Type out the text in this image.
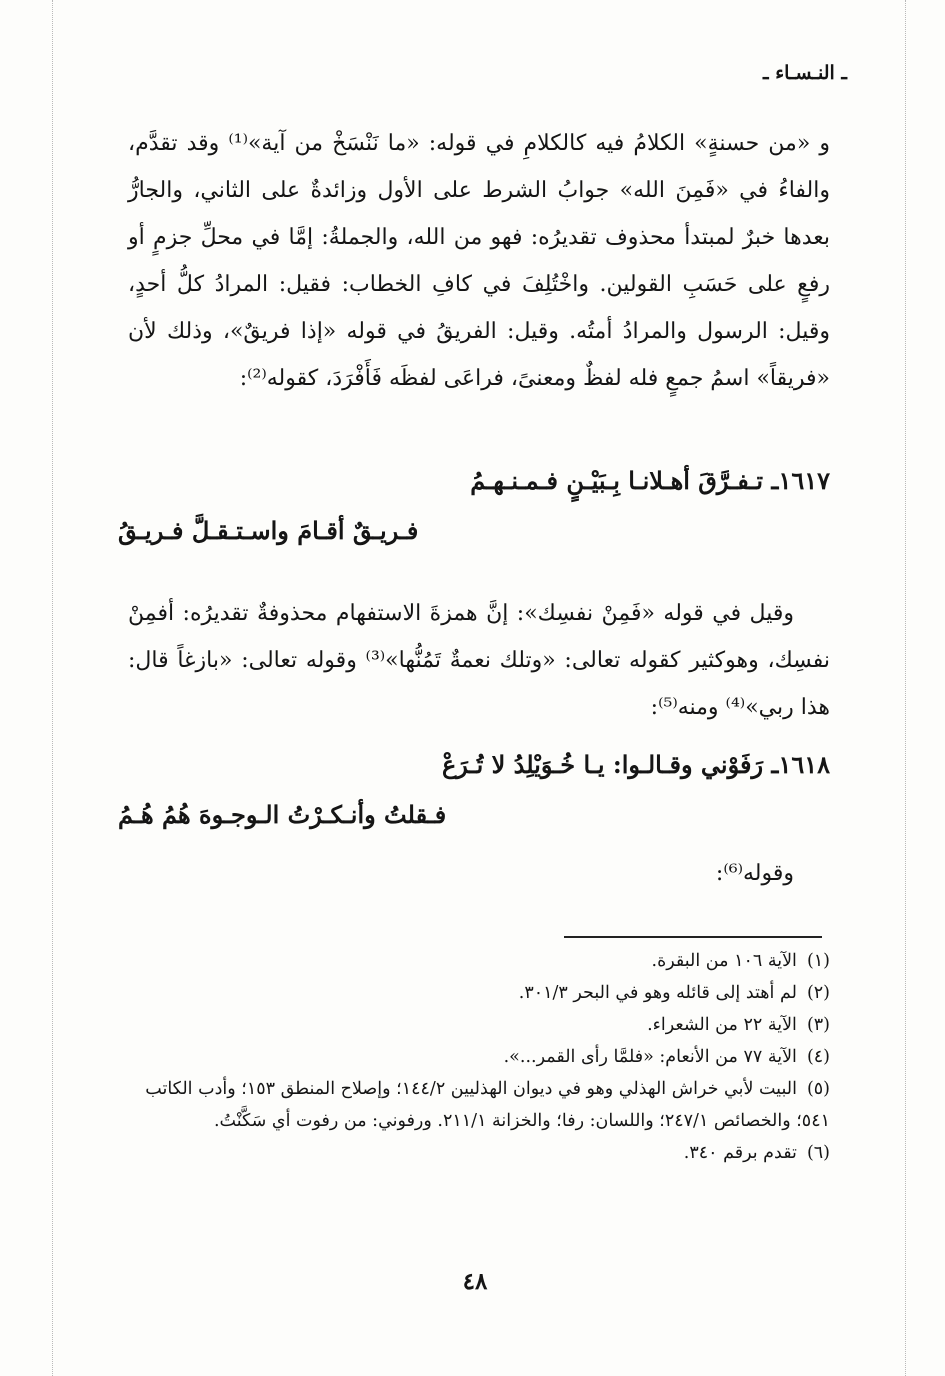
ـ النـسـاء ـ
و «من حسنةٍ» الكلامُ فيه كالكلامِ في قوله: «ما نَنْسَخْ من آية»⁽¹⁾ وقد تقدَّم، والفاءُ في «فَمِنَ الله» جوابُ الشرط على الأول وزائدةٌ على الثاني، والجارُّ بعدها خبرٌ لمبتدأ محذوف تقديرُه: فهو من الله، والجملةُ: إمَّا في محلِّ جزمٍ أو رفعٍ على حَسَبِ القولين. واخْتُلِفَ في كافِ الخطاب: فقيل: المرادُ كلُّ أحدٍ، وقيل: الرسول والمرادُ أمتُه. وقيل: الفريقُ في قوله «إذا فريقٌ»، وذلك لأن «فريقاً» اسمُ جمعٍ فله لفظٌ ومعنىً، فراعَى لفظَه فَأَفْرَدَ، كقوله⁽²⁾:
١٦١٧ـ تـفـرَّقَ أهـلانـا بِـبَيْـنٍ فـمـنـهـمُ
فـريـقٌ أقـامَ واسـتـقـلَّ فـريـقُ
وقيل في قوله «فَمِنْ نفسِك»: إنَّ همزةَ الاستفهام محذوفةٌ تقديرُه: أفمِنْ نفسِك، وهوكثير كقوله تعالى: «وتلك نعمةٌ تَمُنُّها»⁽³⁾ وقوله تعالى: «بازغاً قال: هذا ربي»⁽⁴⁾ ومنه⁽⁵⁾:
١٦١٨ـ رَفَوْني وقـالـوا: يـا خُـوَيْلِدُ لا تُـرَعْ
فـقلتُ وأنـكـرْتُ الـوجـوهَ هُمُ هُـمُ
وقوله⁽⁶⁾:
(١)الآية ١٠٦ من البقرة.
(٢)لم أهتد إلى قائله وهو في البحر ٣٠١/٣.
(٣)الآية ٢٢ من الشعراء.
(٤)الآية ٧٧ من الأنعام: «فلمَّا رأى القمر...».
(٥)البيت لأبي خراش الهذلي وهو في ديوان الهذليين ١٤٤/٢؛ وإصلاح المنطق ١٥٣؛ وأدب الكاتب ٥٤١؛ والخصائص ٢٤٧/١؛ واللسان: رفا؛ والخزانة ٢١١/١. ورفوني: من رفوت أي سَكَّنْتُ.
(٦)تقدم برقم ٣٤٠.
٤٨
